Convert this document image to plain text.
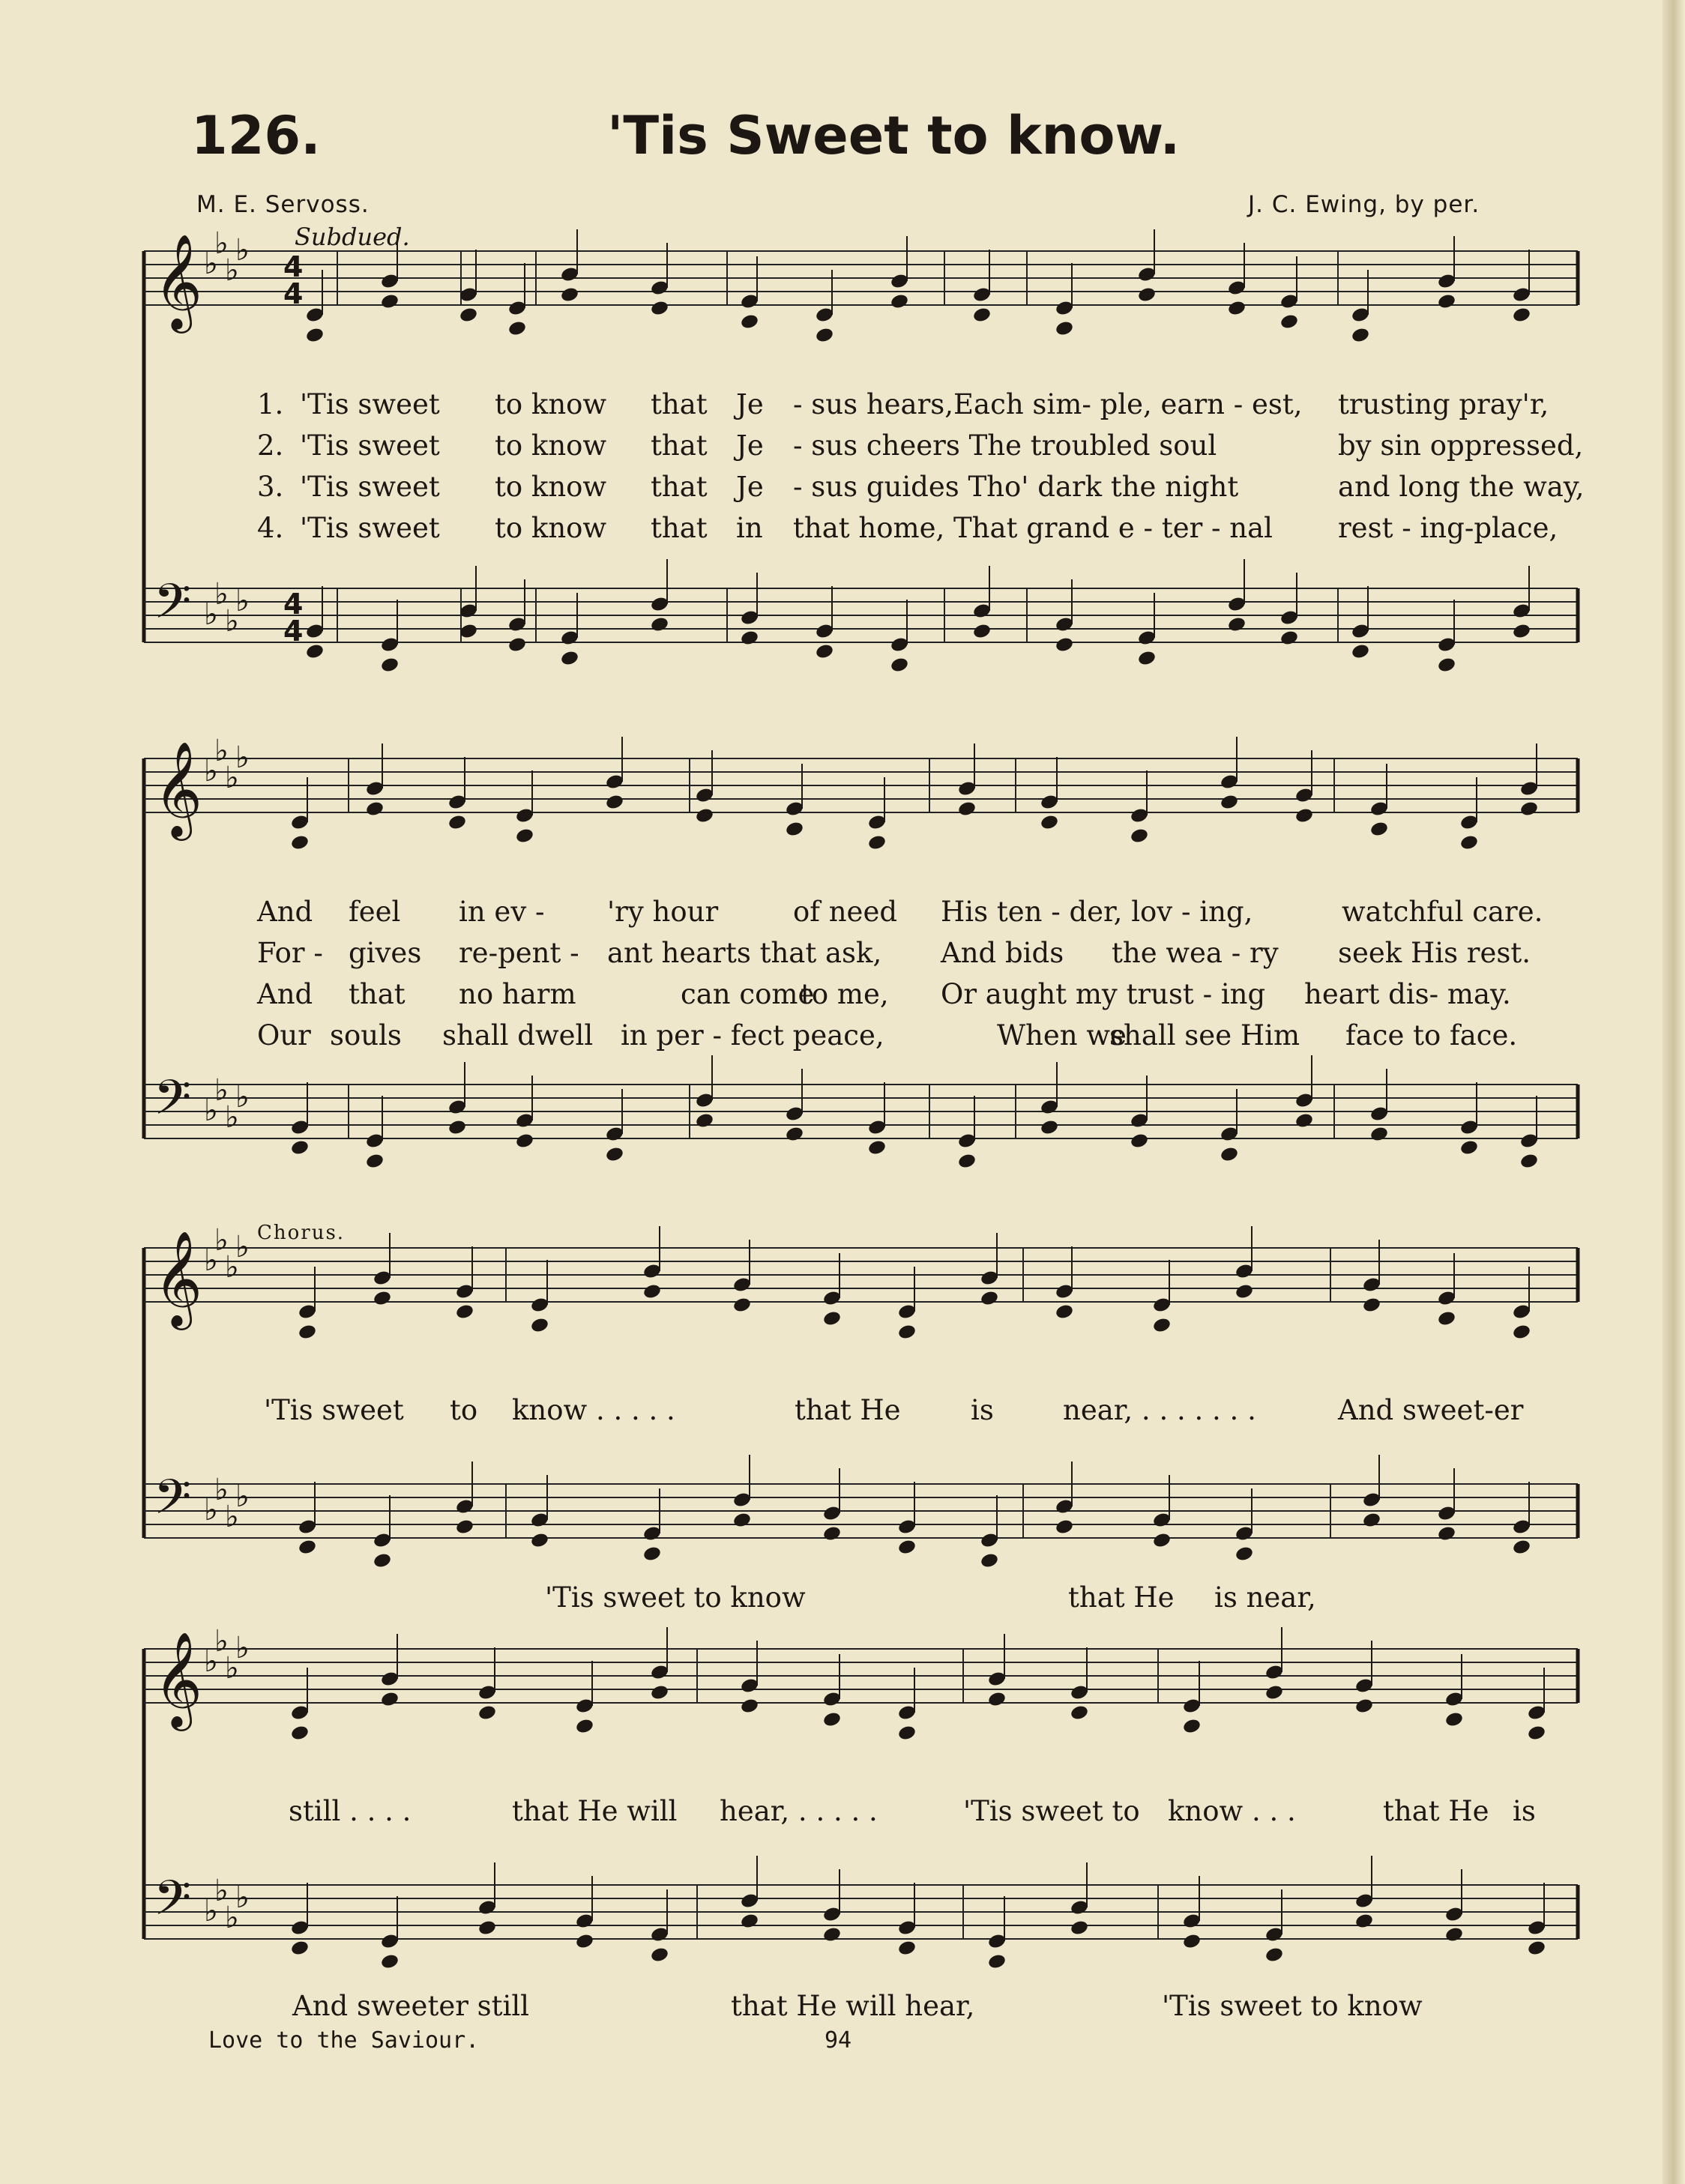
126.	'Tis Sweet to know.
M. E. Servoss.	J. C. Ewing, by per.
Subdued.
𝄞
𝄢
♭
♭
♭
♭
♭
♭
♭
♭
4
4
4
4
1. 'Tis sweet to know that Je - sus hears,Each sim- ple, earn - est, trusting pray'r,
2. 'Tis sweet to know that Je - sus cheers The troubled soul	by sin oppressed,
3. 'Tis sweet to know that Je - sus guides Tho' dark the night	and long the way,
4. 'Tis sweet to know that in that home, That grand e - ter - nal rest - ing-place,
𝄞
𝄢
♭
♭
♭
♭
♭
♭
♭
♭
And feel in ev - 'ry hour	of need His ten - der, lov - ing,	watchful care.
For - gives re-pent - ant hearts that ask, And bids the wea - ry seek His rest.
And that no harm	can come
to me, Or aught my trust - ing heart dis- may.
Our souls shall dwell in per - fect peace,	When we
shall see Him face to face.
Chorus.
𝄞
𝄢
♭
♭
♭
♭
♭
♭
♭
♭
'Tis sweet to know . . . . .	that He	is near, . . . . . . .	And sweet-er
'Tis sweet to know	that He is near,
𝄞
𝄢
♭
♭
♭
♭
♭
♭
♭
♭
still . . . .	that He will hear, . . . . .	'Tis sweet to know . . .	that He is
And sweeter still	that He will hear,	'Tis sweet to know
Love to the Saviour.	94
